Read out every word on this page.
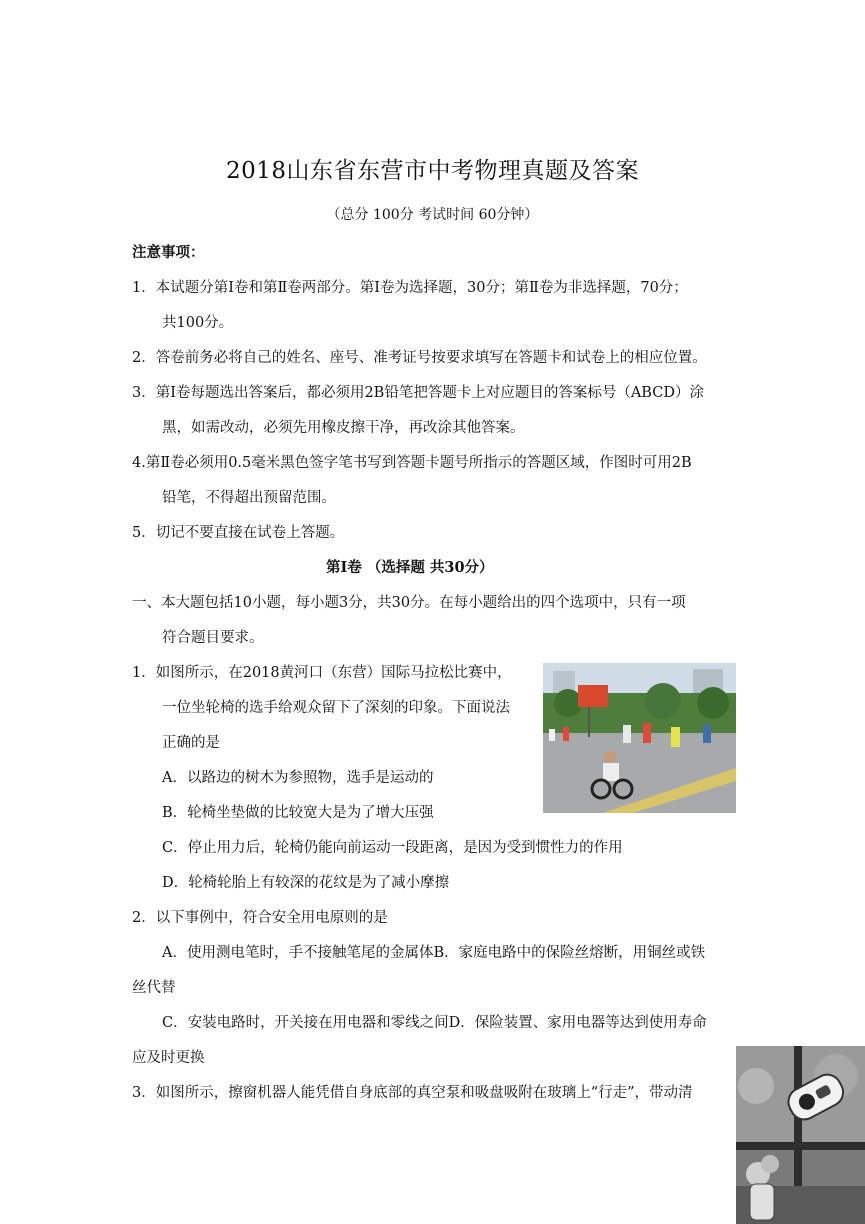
2018山东省东营市中考物理真题及答案
（总分 100分 考试时间 60分钟）
注意事项：
1．本试题分第Ⅰ卷和第Ⅱ卷两部分。第Ⅰ卷为选择题，30分；第Ⅱ卷为非选择题，70分；
共100分。
2．答卷前务必将自己的姓名、座号、准考证号按要求填写在答题卡和试卷上的相应位置。
3．第Ⅰ卷每题选出答案后，都必须用2B铅笔把答题卡上对应题目的答案标号（ABCD）涂
黑，如需改动，必须先用橡皮擦干净，再改涂其他答案。
4.第Ⅱ卷必须用0.5毫米黑色签字笔书写到答题卡题号所指示的答题区域，作图时可用2B
铅笔，不得超出预留范围。
5．切记不要直接在试卷上答题。
第Ⅰ卷 （选择题 共30分）
一、本大题包括10小题，每小题3分，共30分。在每小题给出的四个选项中，只有一项
符合题目要求。
1．如图所示，在2018黄河口（东营）国际马拉松比赛中，
一位坐轮椅的选手给观众留下了深刻的印象。下面说法
正确的是
A．以路边的树木为参照物，选手是运动的
B．轮椅坐垫做的比较宽大是为了增大压强
C．停止用力后，轮椅仍能向前运动一段距离，是因为受到惯性力的作用
D．轮椅轮胎上有较深的花纹是为了减小摩擦
2．以下事例中，符合安全用电原则的是
A．使用测电笔时，手不接触笔尾的金属体B．家庭电路中的保险丝熔断，用铜丝或铁
丝代替
C．安装电路时，开关接在用电器和零线之间D．保险装置、家用电器等达到使用寿命
应及时更换
3．如图所示，擦窗机器人能凭借自身底部的真空泵和吸盘吸附在玻璃上“行走”，带动清
